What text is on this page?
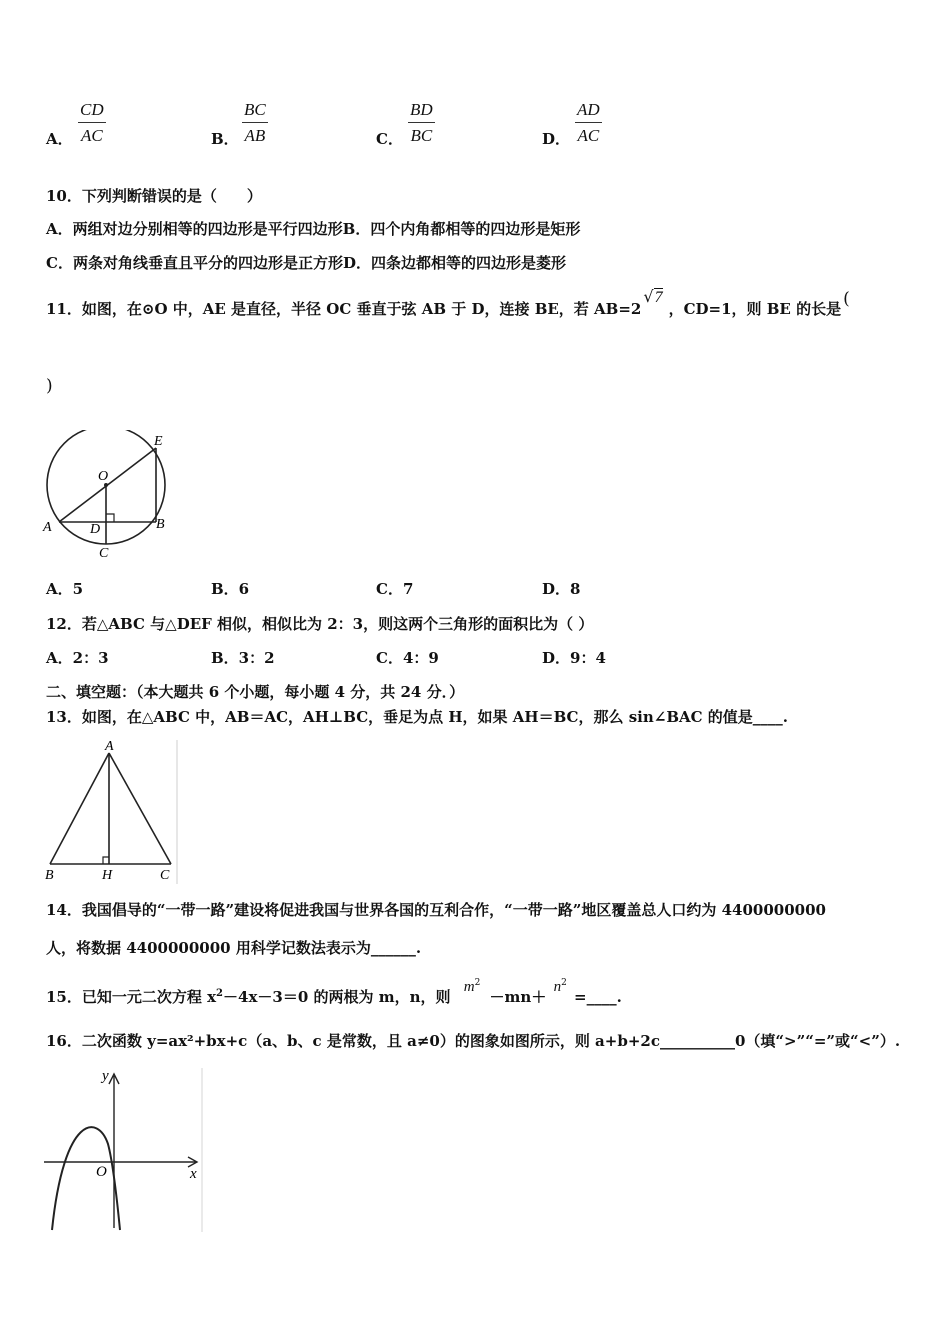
A．
CD
AC	B．
BC
AB	C．
BD
BC	D．
AD
AC
10．下列判断错误的是（　　）
A．两组对边分别相等的四边形是平行四边形B．四个内角都相等的四边形是矩形
C．两条对角线垂直且平分的四边形是正方形D．四条边都相等的四边形是菱形
11．如图，在⊙O 中，AE 是直径，半径 OC 垂直于弦 AB 于 D，连接 BE，若 AB=2√7，CD=1，则 BE 的长是 (
)
E
O
A	D	B
C
A．5	B．6	C．7	D．8
12．若△ABC 与△DEF 相似，相似比为 2：3，则这两个三角形的面积比为（ ）
A．2：3	B．3：2	C．4：9	D．9：4
二、填空题：（本大题共 6 个小题，每小题 4 分，共 24 分．）
13．如图，在△ABC 中，AB＝AC，AH⊥BC，垂足为点 H，如果 AH＝BC，那么 sin∠BAC 的值是____.
A
B	H	C
14．我国倡导的“一带一路”建设将促进我国与世界各国的互利合作，“一带一路”地区覆盖总人口约为 4400000000
人，将数据 4400000000 用科学记数法表示为______.
15．已知一元二次方程 $x^2-4x-3=0$ 的两根为 m，n，则 $m^2 -mn+ n^2$ =____.
16．二次函数 y=ax²+bx+c（a、b、c 是常数，且 a≠0）的图象如图所示，则 a+b+2c__________0（填“>”“=”或“<”）.
y
x
O
